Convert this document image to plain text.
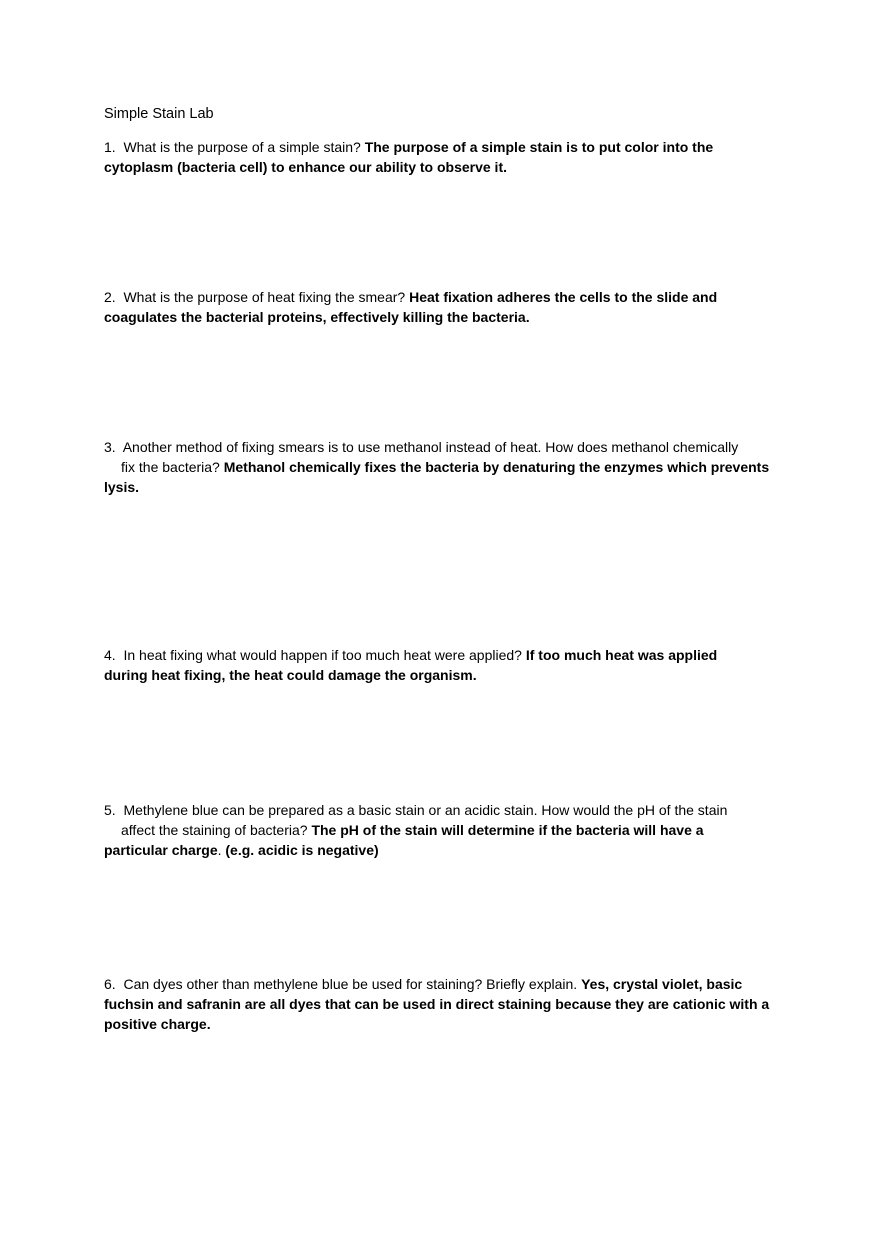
Simple Stain Lab
1. What is the purpose of a simple stain? The purpose of a simple stain is to put color into the
cytoplasm (bacteria cell) to enhance our ability to observe it.
2. What is the purpose of heat fixing the smear? Heat fixation adheres the cells to the slide and
coagulates the bacterial proteins, effectively killing the bacteria.
3. Another method of fixing smears is to use methanol instead of heat. How does methanol chemically
fix the bacteria? Methanol chemically fixes the bacteria by denaturing the enzymes which prevents
lysis.
4. In heat fixing what would happen if too much heat were applied? If too much heat was applied
during heat fixing, the heat could damage the organism.
5. Methylene blue can be prepared as a basic stain or an acidic stain. How would the pH of the stain
affect the staining of bacteria? The pH of the stain will determine if the bacteria will have a
particular charge. (e.g. acidic is negative)
6. Can dyes other than methylene blue be used for staining? Briefly explain. Yes, crystal violet, basic
fuchsin and safranin are all dyes that can be used in direct staining because they are cationic with a
positive charge.
